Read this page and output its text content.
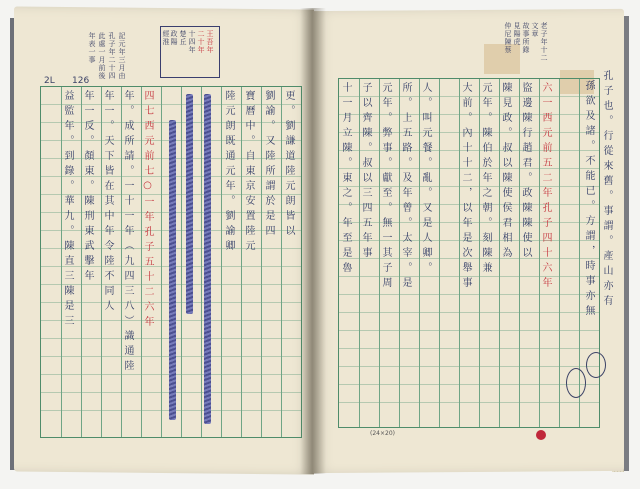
王吾年
二十年
十四年
楚丘
政陽
經淮
記元年三月由
孔子年二十四
此處一月前後
年表一事
2L 126
更。劉謙道陸元朗皆以
劉諭。又陸所謂於是四
寶曆中。自東京安置陸元
陸元朗既通元年。劉諭卿
四七西元前七○一年孔子五十二六年
年。成所請。一十一年（九四三八）識通陸
年一。天下皆在其中年令陸不同人
年一反。顏東。陳刑東武擊年
益監年。到錄。華九。陳直三陳是三
老子年十二
文章
故事所錄
見陽虎
仲尼陳蔡
孔子也。行從來舊。事謂。產山亦有
孫欲及諸。不能已。方謂，時事亦無
六一西元前五二年孔子四十六年
盜邊陳行趙君。政陳陳使以
陳見政。叔以陳使侯君相為
元年。陳伯於年之朝。刻陳兼
大前。內十十二，以年是次舉事
人。叫元餐。亂。又是人卿。
所。上五路。及年曾。太宰。是
元年。弊事。獻至。無一其子周
子以齊陳。叔以三四五年事
十一月立陳。東之。年至是魯
(24×20)
